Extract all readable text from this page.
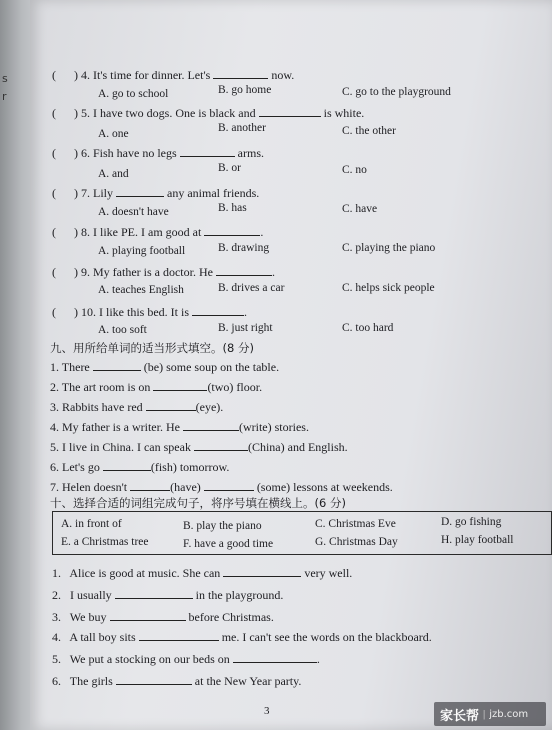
s
r
( ) 4. It's time for dinner. Let's	now.
A. go to school	B. go home	C. go to the playground
( ) 5. I have two dogs. One is black and	is white.
A. one	B. another	C. the other
( ) 6. Fish have no legs	arms.
A. and	B. or	C. no
( ) 7. Lily	any animal friends.
A. doesn't have	B. has	C. have
( ) 8. I like PE. I am good at	.
A. playing football	B. drawing	C. playing the piano
( ) 9. My father is a doctor. He	.
A. teaches English	B. drives a car	C. helps sick people
( ) 10. I like this bed. It is	.
A. too soft	B. just right	C. too hard
九、用所给单词的适当形式填空。(8 分)
1. There	(be) some soup on the table.
2. The art room is on	(two) floor.
3. Rabbits have red	(eye).
4. My father is a writer. He	(write) stories.
5. I live in China. I can speak	(China) and English.
6. Let's go	(fish) tomorrow.
7. Helen doesn't	(have)	(some) lessons at weekends.
十、选择合适的词组完成句子，将序号填在横线上。(6 分)
A. in front of	B. play the piano	C. Christmas Eve	D. go fishing
E. a Christmas tree	F. have a good time	G. Christmas Day	H. play football
1. Alice is good at music. She can	very well.
2. I usually	in the playground.
3. We buy	before Christmas.
4. A tall boy sits	me. I can't see the words on the blackboard.
5. We put a stocking on our beds on	.
6. The girls	at the New Year party.
3	家长帮 | jzb.com
